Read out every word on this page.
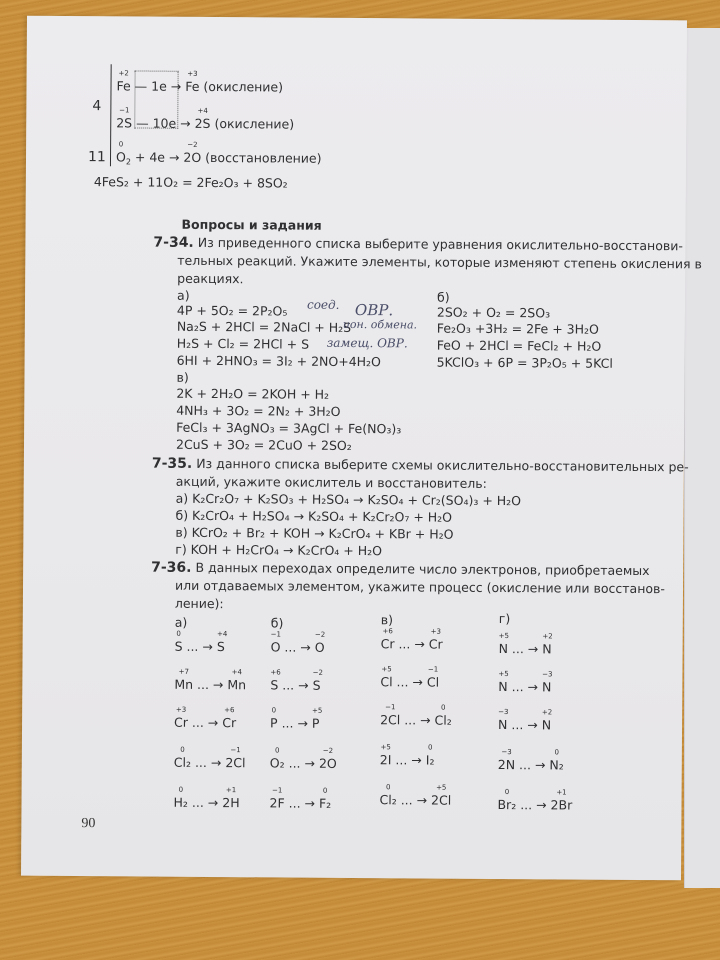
4
11
+2
Fe — 1e →
+3
Fe (окисление)
−1
2S — 10e →
+4
2S (окисление)
0
$O_2 + 4e$ →
−2
2O (восстановление)
4FeS₂ + 11O₂ = 2Fe₂O₃ + 8SO₂
Вопросы и задания
7-34. Из приведенного списка выберите уравнения окислительно-восстанови-
тельных реакций. Укажите элементы, которые изменяют степень окисления в
реакциях.
а)
4P + 5O₂ = 2P₂O₅
Na₂S + 2HCl = 2NaCl + H₂S
H₂S + Cl₂ = 2HCl + S
6HI + 2HNO₃ = 3I₂ + 2NO+4H₂O
б)
2SO₂ + O₂ = 2SO₃
Fe₂O₃ +3H₂ = 2Fe + 3H₂O
FeO + 2HCl = FeCl₂ + H₂O
5KClO₃ + 6P = 3P₂O₅ + 5KCl
соед. ОВР.
ион. обмена.
замещ. ОВР.
в)
2K + 2H₂O = 2KOH + H₂
4NH₃ + 3O₂ = 2N₂ + 3H₂O
FeCl₃ + 3AgNO₃ = 3AgCl + Fe(NO₃)₃
2CuS + 3O₂ = 2CuO + 2SO₂
7-35. Из данного списка выберите схемы окислительно-восстановительных ре-
акций, укажите окислитель и восстановитель:
а) K₂Cr₂O₇ + K₂SO₃ + H₂SO₄ → K₂SO₄ + Cr₂(SO₄)₃ + H₂O
б) K₂CrO₄ + H₂SO₄ → K₂SO₄ + K₂Cr₂O₇ + H₂O
в) KCrO₂ + Br₂ + KOH → K₂CrO₄ + KBr + H₂O
г) KOH + H₂CrO₄ → K₂CrO₄ + H₂O
7-36. В данных переходах определите число электронов, приобретаемых
или отдаваемых элементом, укажите процесс (окисление или восстанов-
ление):
а)
0
S ... →
+4
S
+7
Mn ... →
+4
Mn
+3
Cr ... →
+6
Cr
0
Cl₂ ... →
−1
2Cl
0
H₂ ... →
+1
2H
б)
−1
O ... →
−2
O
+6
S ... →
−2
S
0
P ... →
+5
P
0
O₂ ... →
−2
2O
−1
2F ... →
0
F₂
в)
+6
Cr ... →
+3
Cr
+5
Cl ... →
−1
Cl
−1
2Cl ... →
0
Cl₂
+5
2I ... →
0
I₂
0
Cl₂ ... →
+5
2Cl
г)
+5
N ... →
+2
N
+5
N ... →
−3
N
−3
N ... →
+2
N
−3
2N ... →
0
N₂
0
Br₂ ... →
+1
2Br
90
